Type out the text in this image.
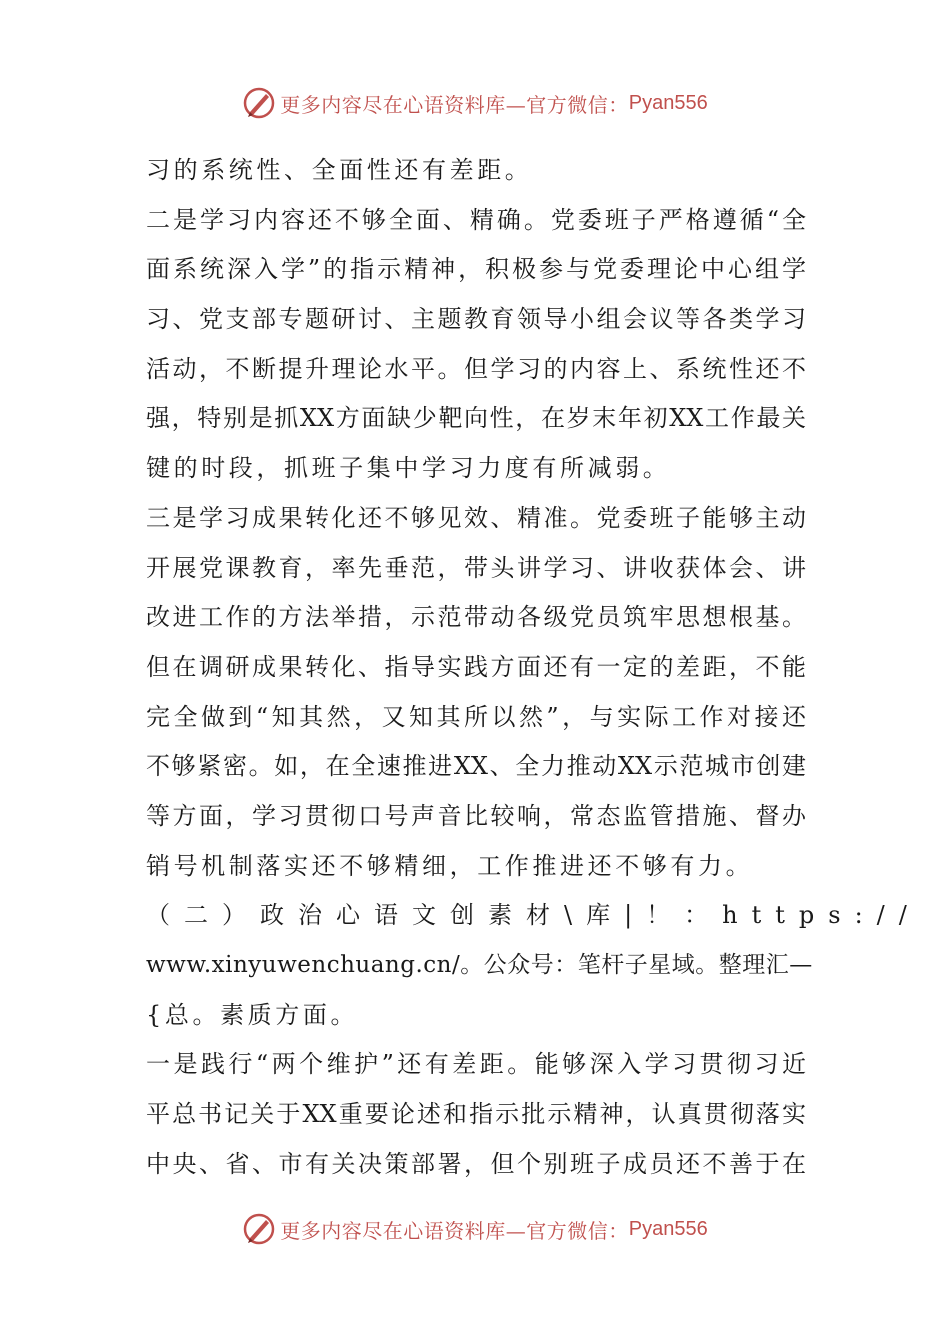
更多内容尽在心语资料库—官方微信： Pyan556
习的系统性、全面性还有差距。
二是学习内容还不够全面、精确。党委班子严格遵循“全
面系统深入学”的指示精神，积极参与党委理论中心组学
习、党支部专题研讨、主题教育领导小组会议等各类学习
活动，不断提升理论水平。但学习的内容上、系统性还不
强，特别是抓XX方面缺少靶向性，在岁末年初XX工作最关
键的时段，抓班子集中学习力度有所减弱。
三是学习成果转化还不够见效、精准。党委班子能够主动
开展党课教育，率先垂范，带头讲学习、讲收获体会、讲
改进工作的方法举措，示范带动各级党员筑牢思想根基。
但在调研成果转化、指导实践方面还有一定的差距，不能
完全做到“知其然，又知其所以然”，与实际工作对接还
不够紧密。如，在全速推进XX、全力推动XX示范城市创建
等方面，学习贯彻口号声音比较响，常态监管措施、督办
销号机制落实还不够精细，工作推进还不够有力。
（二）政治心语文创素材\库|！：https://
www.xinyuwenchuang.cn/。公众号：笔杆子星域。整理汇—
{总。素质方面。
一是践行“两个维护”还有差距。能够深入学习贯彻习近
平总书记关于XX重要论述和指示批示精神，认真贯彻落实
中央、省、市有关决策部署，但个别班子成员还不善于在
更多内容尽在心语资料库—官方微信： Pyan556
